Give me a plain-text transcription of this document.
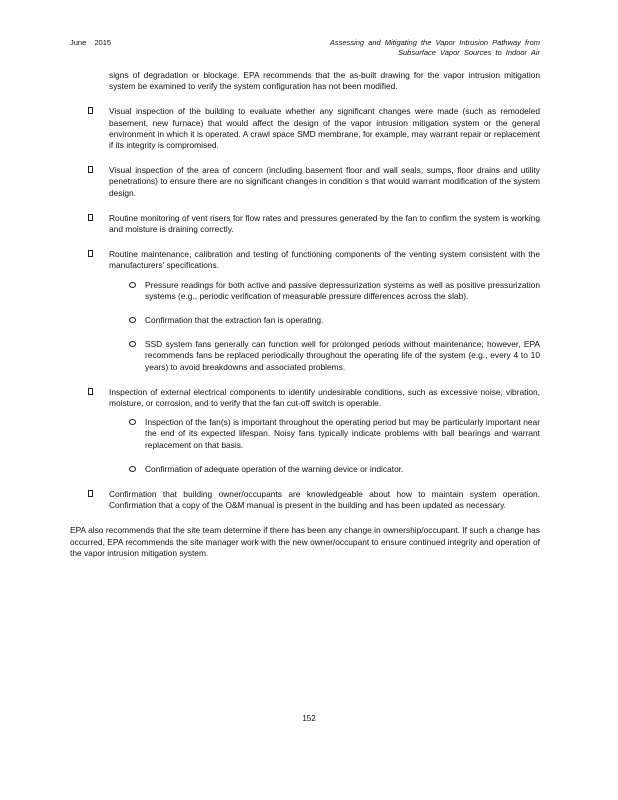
June 2015	Assessing and Mitigating the Vapor Intrusion Pathway from Subsurface Vapor Sources to Indoor Air

signs of degradation or blockage. EPA recommends that the as-built drawing for the vapor intrusion mitigation system be examined to verify the system configuration has not been modified.

Visual inspection of the building to evaluate whether any significant changes were made (such as remodeled basement, new furnace) that would affect the design of the vapor intrusion mitigation system or the general environment in which it is operated. A crawl space SMD membrane, for example, may warrant repair or replacement if its integrity is compromised.
Visual inspection of the area of concern (including basement floor and wall seals, sumps, floor drains and utility penetrations) to ensure there are no significant changes in condition s that would warrant modification of the system design.
Routine monitoring of vent risers for flow rates and pressures generated by the fan to confirm the system is working and moisture is draining correctly.
Routine maintenance, calibration and testing of functioning components of the venting system consistent with the manufacturers' specifications.
Pressure readings for both active and passive depressurization systems as well as positive pressurization systems (e.g., periodic verification of measurable pressure differences across the slab).
Confirmation that the extraction fan is operating.
SSD system fans generally can function well for prolonged periods without maintenance; however, EPA recommends fans be replaced periodically throughout the operating life of the system (e.g., every 4 to 10 years) to avoid breakdowns and associated problems.
Inspection of external electrical components to identify undesirable conditions, such as excessive noise, vibration, moisture, or corrosion, and to verify that the fan cut-off switch is operable.
Inspection of the fan(s) is important throughout the operating period but may be particularly important near the end of its expected lifespan. Noisy fans typically indicate problems with ball bearings and warrant replacement on that basis.
Confirmation of adequate operation of the warning device or indicator.
Confirmation that building owner/occupants are knowledgeable about how to maintain system operation. Confirmation that a copy of the O&M manual is present in the building and has been updated as necessary.

EPA also recommends that the site team determine if there has been any change in ownership/occupant. If such a change has occurred, EPA recommends the site manager work with the new owner/occupant to ensure continued integrity and operation of the vapor intrusion mitigation system.

152
